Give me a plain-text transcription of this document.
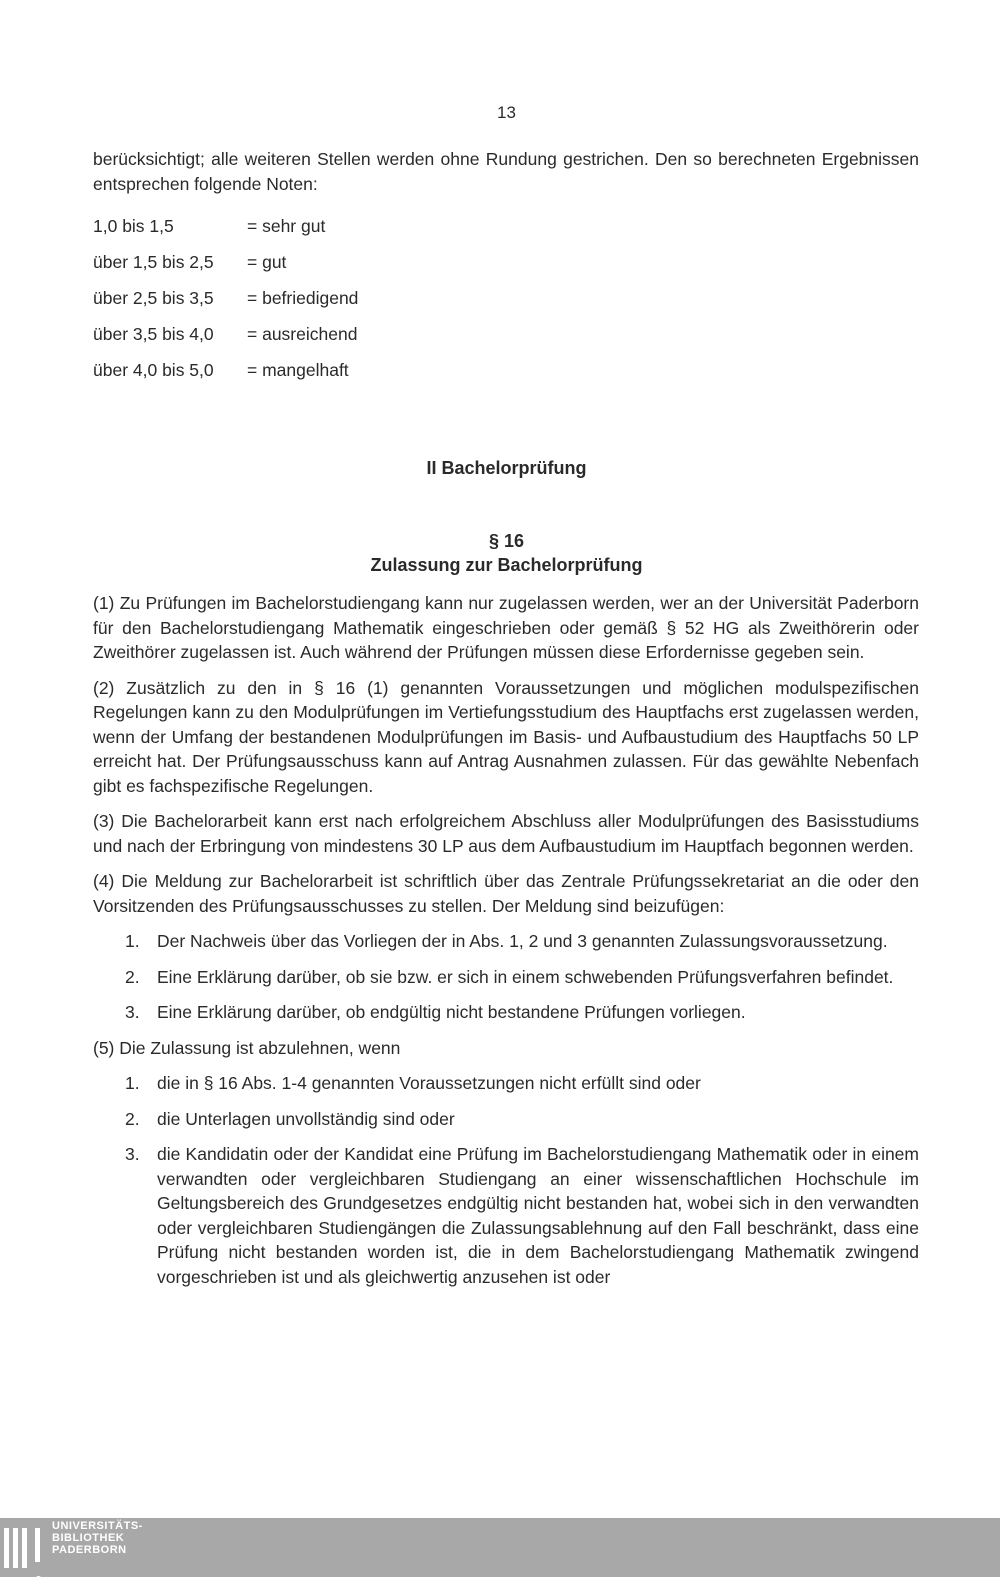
13

berücksichtigt; alle weiteren Stellen werden ohne Rundung gestrichen. Den so berechneten Ergebnissen entsprechen folgende Noten:

1,0 bis 1,5	= sehr gut
über 1,5 bis 2,5	= gut
über 2,5 bis 3,5	= befriedigend
über 3,5 bis 4,0	= ausreichend
über 4,0 bis 5,0	= mangelhaft
II Bachelorprüfung
§ 16
Zulassung zur Bachelorprüfung

(1) Zu Prüfungen im Bachelorstudiengang kann nur zugelassen werden, wer an der Universität Paderborn für den Bachelorstudiengang Mathematik eingeschrieben oder gemäß § 52 HG als Zweithörerin oder Zweithörer zugelassen ist. Auch während der Prüfungen müssen diese Erfordernisse gegeben sein.

(2) Zusätzlich zu den in § 16 (1) genannten Voraussetzungen und möglichen modulspezifischen Regelungen kann zu den Modulprüfungen im Vertiefungsstudium des Hauptfachs erst zugelassen werden, wenn der Umfang der bestandenen Modulprüfungen im Basis- und Aufbaustudium des Hauptfachs 50 LP erreicht hat. Der Prüfungsausschuss kann auf Antrag Ausnahmen zulassen. Für das gewählte Nebenfach gibt es fachspezifische Regelungen.

(3) Die Bachelorarbeit kann erst nach erfolgreichem Abschluss aller Modulprüfungen des Basisstudiums und nach der Erbringung von mindestens 30 LP aus dem Aufbaustudium im Hauptfach begonnen werden.

(4) Die Meldung zur Bachelorarbeit ist schriftlich über das Zentrale Prüfungssekretariat an die oder den Vorsitzenden des Prüfungsausschusses zu stellen. Der Meldung sind beizufügen:

1. Der Nachweis über das Vorliegen der in Abs. 1, 2 und 3 genannten Zulassungsvoraussetzung.
2. Eine Erklärung darüber, ob sie bzw. er sich in einem schwebenden Prüfungsverfahren befindet.
3. Eine Erklärung darüber, ob endgültig nicht bestandene Prüfungen vorliegen.

(5) Die Zulassung ist abzulehnen, wenn

1. die in § 16 Abs. 1-4 genannten Voraussetzungen nicht erfüllt sind oder
2. die Unterlagen unvollständig sind oder
3. die Kandidatin oder der Kandidat eine Prüfung im Bachelorstudiengang Mathematik oder in einem verwandten oder vergleichbaren Studiengang an einer wissenschaftlichen Hochschule im Geltungsbereich des Grundgesetzes endgültig nicht bestanden hat, wobei sich in den verwandten oder vergleichbaren Studiengängen die Zulassungsablehnung auf den Fall beschränkt, dass eine Prüfung nicht bestanden worden ist, die in dem Bachelorstudiengang Mathematik zwingend vorgeschrieben ist und als gleichwertig anzusehen ist oder
UNIVERSITÄTS-
BIBLIOTHEK
PADERBORN
